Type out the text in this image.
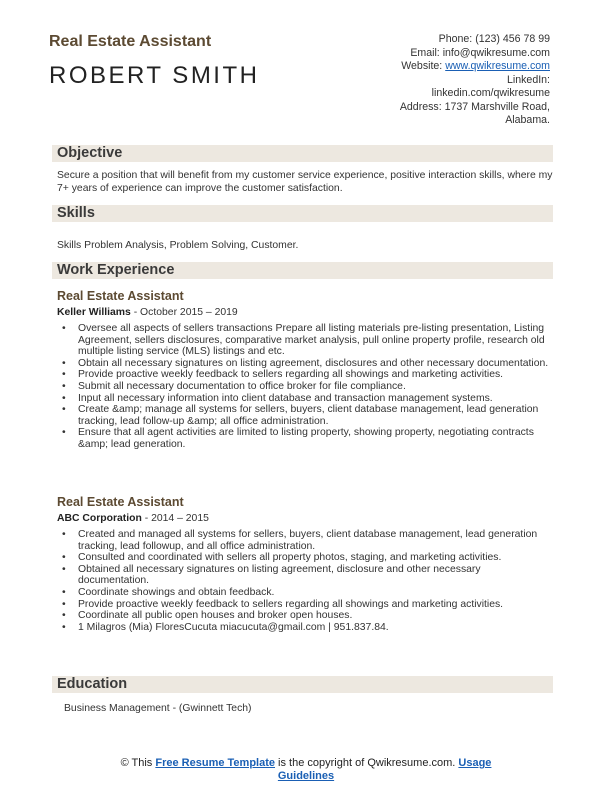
Real Estate Assistant
ROBERT SMITH
Phone: (123) 456 78 99
Email: info@qwikresume.com
Website: www.qwikresume.com
LinkedIn:
linkedin.com/qwikresume
Address: 1737 Marshville Road,
Alabama.
Objective
Secure a position that will benefit from my customer service experience, positive interaction skills, where my 7+ years of experience can improve the customer satisfaction.
Skills
Skills Problem Analysis, Problem Solving, Customer.
Work Experience
Real Estate Assistant
Keller Williams - October 2015 – 2019
• Oversee all aspects of sellers transactions Prepare all listing materials pre-listing presentation, Listing Agreement, sellers disclosures, comparative market analysis, pull online property profile, research old multiple listing service (MLS) listings and etc.
• Obtain all necessary signatures on listing agreement, disclosures and other necessary documentation.
• Provide proactive weekly feedback to sellers regarding all showings and marketing activities.
• Submit all necessary documentation to office broker for file compliance.
• Input all necessary information into client database and transaction management systems.
• Create &amp; manage all systems for sellers, buyers, client database management, lead generation tracking, lead follow-up &amp; all office administration.
• Ensure that all agent activities are limited to listing property, showing property, negotiating contracts &amp; lead generation.
Real Estate Assistant
ABC Corporation - 2014 – 2015
• Created and managed all systems for sellers, buyers, client database management, lead generation tracking, lead followup, and all office administration.
• Consulted and coordinated with sellers all property photos, staging, and marketing activities.
• Obtained all necessary signatures on listing agreement, disclosure and other necessary documentation.
• Coordinate showings and obtain feedback.
• Provide proactive weekly feedback to sellers regarding all showings and marketing activities.
• Coordinate all public open houses and broker open houses.
• 1 Milagros (Mia) FloresCucuta miacucuta@gmail.com | 951.837.84.
Education
Business Management - (Gwinnett Tech)
© This Free Resume Template is the copyright of Qwikresume.com. Usage
Guidelines
